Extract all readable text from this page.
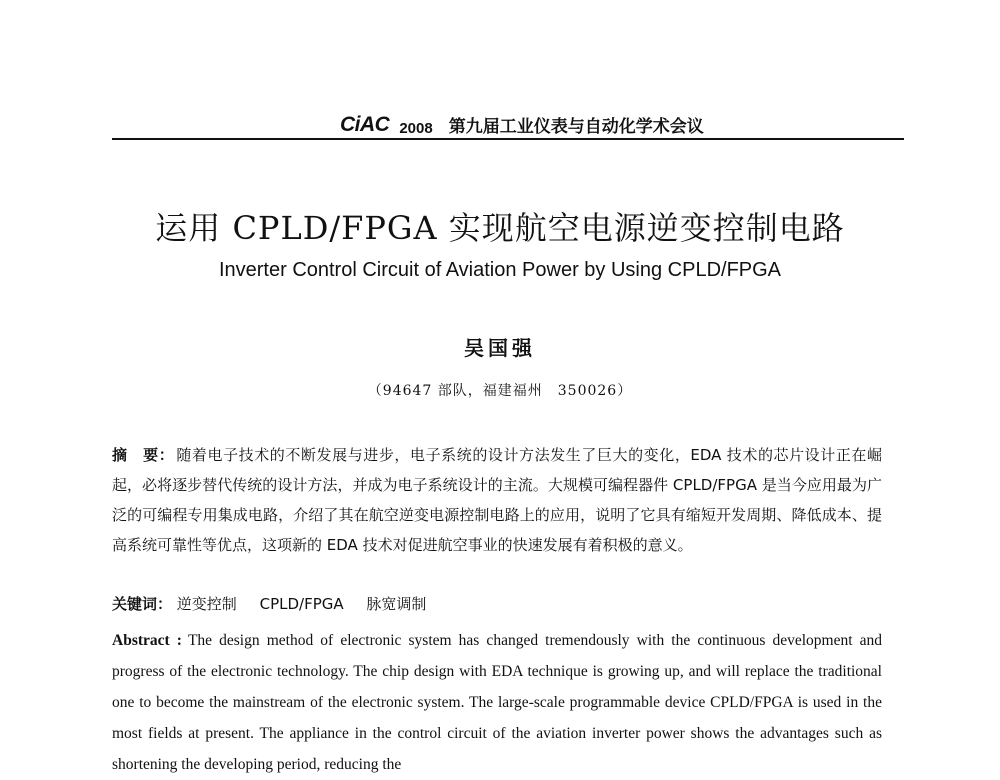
CiAC 2008 第九届工业仪表与自动化学术会议
运用 CPLD/FPGA 实现航空电源逆变控制电路
Inverter Control Circuit of Aviation Power by Using CPLD/FPGA
吴国强
（94647 部队，福建福州　350026）
摘　要： 随着电子技术的不断发展与进步，电子系统的设计方法发生了巨大的变化，EDA 技术的芯片设计正在崛起，必将逐步替代传统的设计方法，并成为电子系统设计的主流。大规模可编程器件 CPLD/FPGA 是当今应用最为广泛的可编程专用集成电路，介绍了其在航空逆变电源控制电路上的应用，说明了它具有缩短开发周期、降低成本、提高系统可靠性等优点，这项新的 EDA 技术对促进航空事业的快速发展有着积极的意义。
关键词： 逆变控制 CPLD/FPGA 脉宽调制
Abstract : The design method of electronic system has changed tremendously with the continuous development and progress of the electronic technology. The chip design with EDA technique is growing up, and will replace the traditional one to become the mainstream of the electronic system. The large-scale programmable device CPLD/FPGA is used in the most fields at present. The appliance in the control circuit of the aviation inverter power shows the advantages such as shortening the developing period, reducing the
